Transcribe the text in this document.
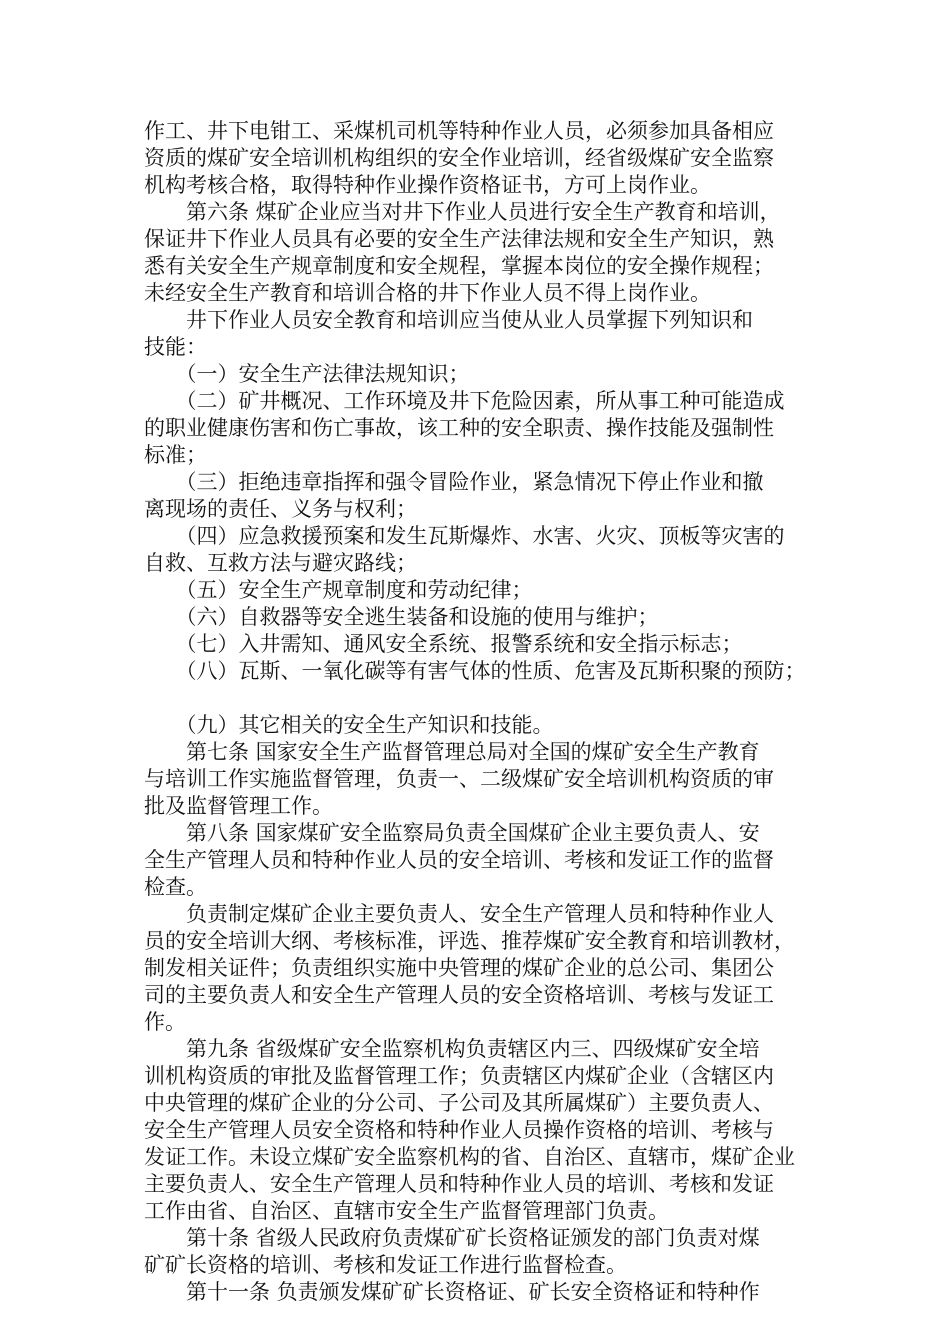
作工、井下电钳工、采煤机司机等特种作业人员，必须参加具备相应
资质的煤矿安全培训机构组织的安全作业培训，经省级煤矿安全监察
机构考核合格，取得特种作业操作资格证书，方可上岗作业。
　　第六条 煤矿企业应当对井下作业人员进行安全生产教育和培训，
保证井下作业人员具有必要的安全生产法律法规和安全生产知识，熟
悉有关安全生产规章制度和安全规程，掌握本岗位的安全操作规程；
未经安全生产教育和培训合格的井下作业人员不得上岗作业。
　　井下作业人员安全教育和培训应当使从业人员掌握下列知识和
技能：
　　（一）安全生产法律法规知识；
　　（二）矿井概况、工作环境及井下危险因素，所从事工种可能造成
的职业健康伤害和伤亡事故，该工种的安全职责、操作技能及强制性
标准；
　　（三）拒绝违章指挥和强令冒险作业，紧急情况下停止作业和撤
离现场的责任、义务与权利；
　　（四）应急救援预案和发生瓦斯爆炸、水害、火灾、顶板等灾害的
自救、互救方法与避灾路线；
　　（五）安全生产规章制度和劳动纪律；
　　（六）自救器等安全逃生装备和设施的使用与维护；
　　（七）入井需知、通风安全系统、报警系统和安全指示标志；
　　（八）瓦斯、一氧化碳等有害气体的性质、危害及瓦斯积聚的预防；
　　（九）其它相关的安全生产知识和技能。
　　第七条 国家安全生产监督管理总局对全国的煤矿安全生产教育
与培训工作实施监督管理，负责一、二级煤矿安全培训机构资质的审
批及监督管理工作。
　　第八条 国家煤矿安全监察局负责全国煤矿企业主要负责人、安
全生产管理人员和特种作业人员的安全培训、考核和发证工作的监督
检查。
　　负责制定煤矿企业主要负责人、安全生产管理人员和特种作业人
员的安全培训大纲、考核标准，评选、推荐煤矿安全教育和培训教材，
制发相关证件；负责组织实施中央管理的煤矿企业的总公司、集团公
司的主要负责人和安全生产管理人员的安全资格培训、考核与发证工
作。
　　第九条 省级煤矿安全监察机构负责辖区内三、四级煤矿安全培
训机构资质的审批及监督管理工作；负责辖区内煤矿企业（含辖区内
中央管理的煤矿企业的分公司、子公司及其所属煤矿）主要负责人、
安全生产管理人员安全资格和特种作业人员操作资格的培训、考核与
发证工作。未设立煤矿安全监察机构的省、自治区、直辖市，煤矿企业
主要负责人、安全生产管理人员和特种作业人员的培训、考核和发证
工作由省、自治区、直辖市安全生产监督管理部门负责。
　　第十条 省级人民政府负责煤矿矿长资格证颁发的部门负责对煤
矿矿长资格的培训、考核和发证工作进行监督检查。
　　第十一条 负责颁发煤矿矿长资格证、矿长安全资格证和特种作
